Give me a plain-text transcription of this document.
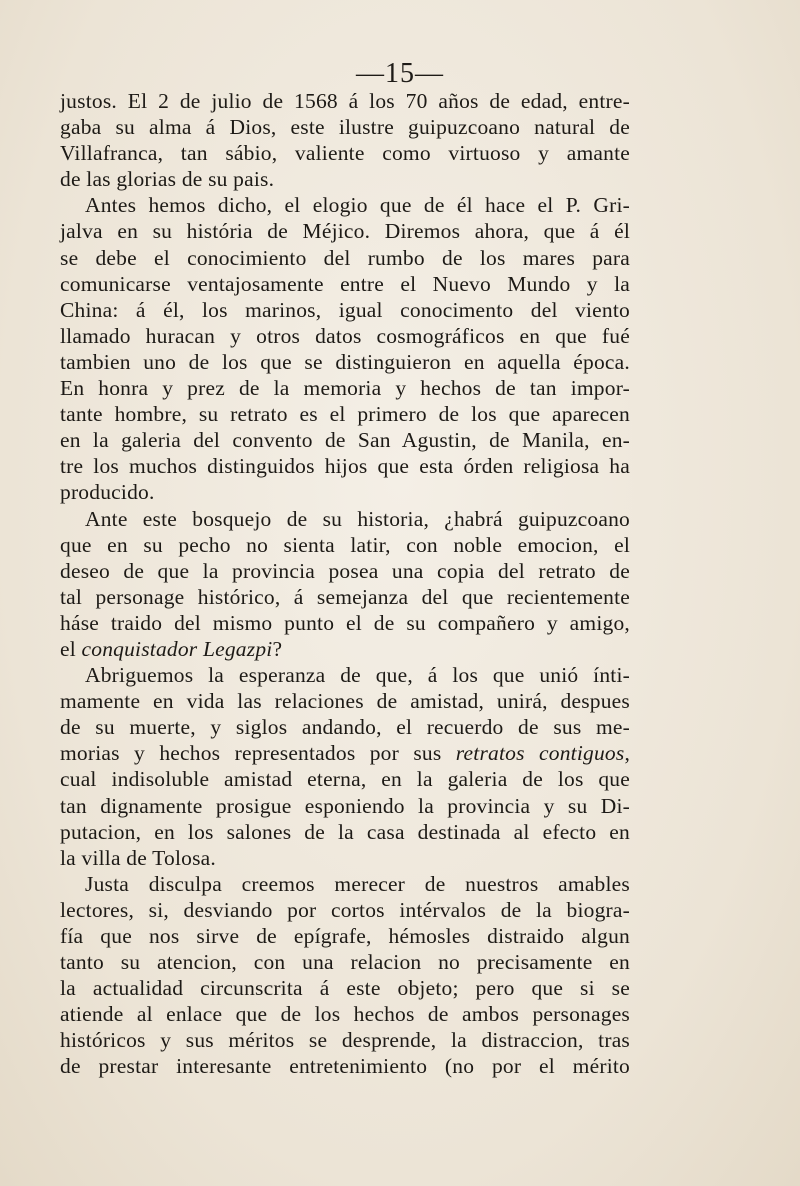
—15—
justos. El 2 de julio de 1568 á los 70 años de edad, entre-
gaba su alma á Dios, este ilustre guipuzcoano natural de
Villafranca, tan sábio, valiente como virtuoso y amante
de las glorias de su pais.
Antes hemos dicho, el elogio que de él hace el P. Gri-
jalva en su história de Méjico. Diremos ahora, que á él
se debe el conocimiento del rumbo de los mares para
comunicarse ventajosamente entre el Nuevo Mundo y la
China: á él, los marinos, igual conocimento del viento
llamado huracan y otros datos cosmográficos en que fué
tambien uno de los que se distinguieron en aquella época.
En honra y prez de la memoria y hechos de tan impor-
tante hombre, su retrato es el primero de los que aparecen
en la galeria del convento de San Agustin, de Manila, en-
tre los muchos distinguidos hijos que esta órden religiosa ha
producido.
Ante este bosquejo de su historia, ¿habrá guipuzcoano
que en su pecho no sienta latir, con noble emocion, el
deseo de que la provincia posea una copia del retrato de
tal personage histórico, á semejanza del que recientemente
háse traido del mismo punto el de su compañero y amigo,
el conquistador Legazpi?
Abriguemos la esperanza de que, á los que unió ínti-
mamente en vida las relaciones de amistad, unirá, despues
de su muerte, y siglos andando, el recuerdo de sus me-
morias y hechos representados por sus retratos contiguos,
cual indisoluble amistad eterna, en la galeria de los que
tan dignamente prosigue esponiendo la provincia y su Di-
putacion, en los salones de la casa destinada al efecto en
la villa de Tolosa.
Justa disculpa creemos merecer de nuestros amables
lectores, si, desviando por cortos intérvalos de la biogra-
fía que nos sirve de epígrafe, hémosles distraido algun
tanto su atencion, con una relacion no precisamente en
la actualidad circunscrita á este objeto; pero que si se
atiende al enlace que de los hechos de ambos personages
históricos y sus méritos se desprende, la distraccion, tras
de prestar interesante entretenimiento (no por el mérito
